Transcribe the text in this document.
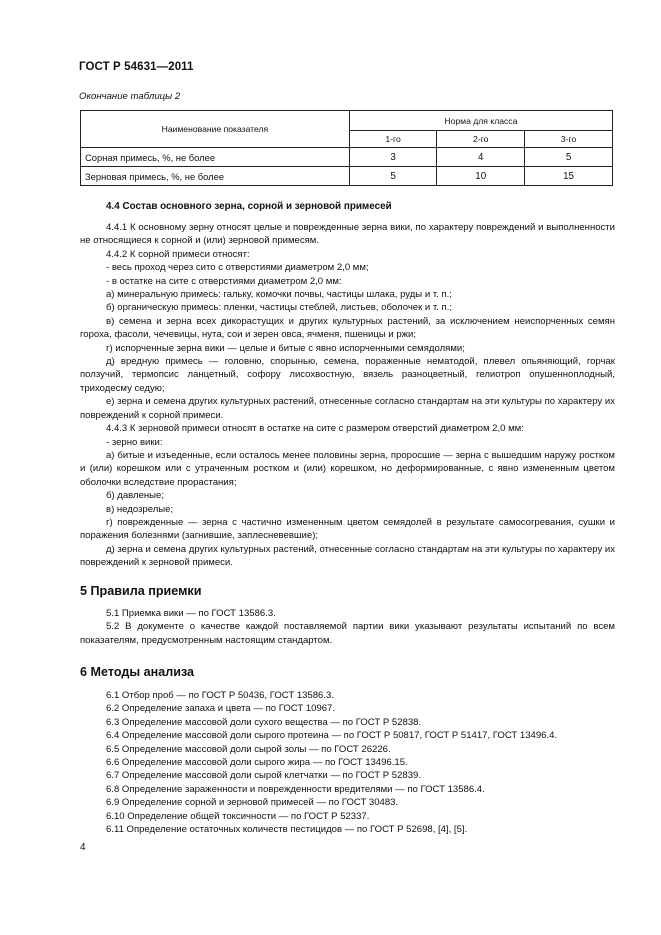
ГОСТ Р 54631—2011
Окончание таблицы 2
Наименование показателя	Норма для класса		
	1-го	2-го	3-го
Сорная примесь, %, не более	3	4	5
Зерновая примесь, %, не более	5	10	15

4.4 Состав основного зерна, сорной и зерновой примесей

4.4.1 К основному зерну относят целые и поврежденные зерна вики, по характеру повреждений и выполненности не относящиеся к сорной и (или) зерновой примесям.

4.4.2 К сорной примеси относят:

- весь проход через сито с отверстиями диаметром 2,0 мм;

- в остатке на сите с отверстиями диаметром 2,0 мм:

а) минеральную примесь: гальку, комочки почвы, частицы шлака, руды и т. п.;

б) органическую примесь: пленки, частицы стеблей, листьев, оболочек и т. п.;

в) семена и зерна всех дикорастущих и других культурных растений, за исключением неиспорченных семян гороха, фасоли, чечевицы, нута, сои и зерен овса, ячменя, пшеницы и ржи;

г) испорченные зерна вики — целые и битые с явно испорченными семядолями;

д) вредную примесь — головню, спорынью, семена, пораженные нематодой, плевел опьяняющий, горчак ползучий, термопсис ланцетный, софору лисохвостную, вязель разноцветный, гелиотроп опушенноплодный, триходесму седую;

е) зерна и семена других культурных растений, отнесенные согласно стандартам на эти культуры по характеру их повреждений к сорной примеси.

4.4.3 К зерновой примеси относят в остатке на сите с размером отверстий диаметром 2,0 мм:

- зерно вики:

а) битые и изъеденные, если осталось менее половины зерна, проросшие — зерна с вышедшим наружу ростком и (или) корешком или с утраченным ростком и (или) корешком, но деформированные, с явно измененным цветом оболочки вследствие прорастания;

б) давленые;

в) недозрелые;

г) поврежденные — зерна с частично измененным цветом семядолей в результате самосогревания, сушки и поражения болезнями (загнившие, заплесневевшие);

д) зерна и семена других культурных растений, отнесенные согласно стандартам на эти культуры по характеру их повреждений к зерновой примеси.

5 Правила приемки

5.1 Приемка вики — по ГОСТ 13586.3.

5.2 В документе о качестве каждой поставляемой партии вики указывают результаты испытаний по всем показателям, предусмотренным настоящим стандартом.

6 Методы анализа

6.1 Отбор проб — по ГОСТ Р 50436, ГОСТ 13586.3.

6.2 Определение запаха и цвета — по ГОСТ 10967.

6.3 Определение массовой доли сухого вещества — по ГОСТ Р 52838.

6.4 Определение массовой доли сырого протеина — по ГОСТ Р 50817, ГОСТ Р 51417, ГОСТ 13496.4.

6.5 Определение массовой доли сырой золы — по ГОСТ 26226.

6.6 Определение массовой доли сырого жира — по ГОСТ 13496.15.

6.7 Определение массовой доли сырой клетчатки — по ГОСТ Р 52839.

6.8 Определение зараженности и поврежденности вредителями — по ГОСТ 13586.4.

6.9 Определение сорной и зерновой примесей — по ГОСТ 30483.

6.10 Определение общей токсичности — по ГОСТ Р 52337.

6.11 Определение остаточных количеств пестицидов — по ГОСТ Р 52698, [4], [5].

4
